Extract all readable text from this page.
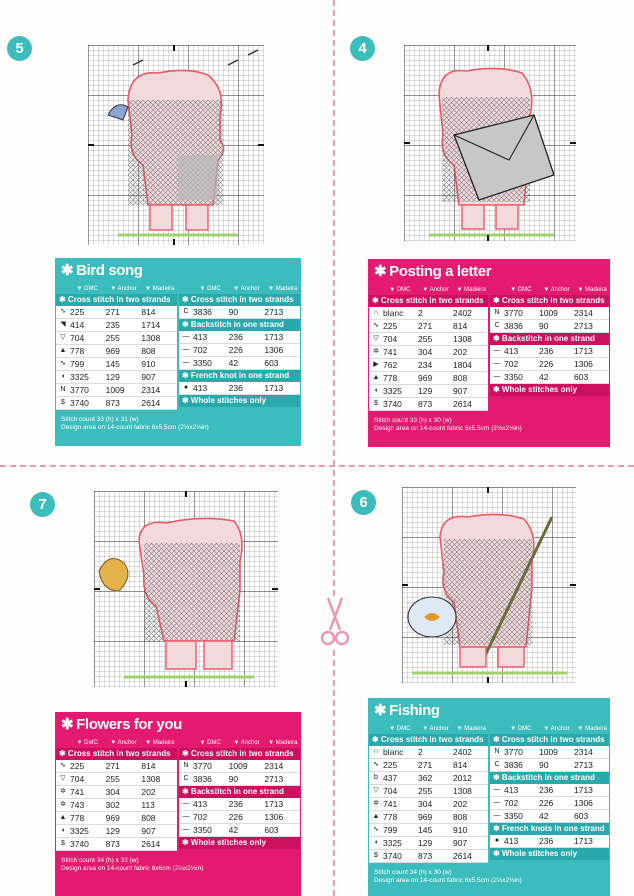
5	4
7	6
✱ Bird song
▼ DMC	▼ Anchor	▼ Madeira
✱ Cross stitch in two strands
∿ 225	271	814
◥ 414	235	1714
▽ 704	255	1308
▲ 778	969	808
∿ 799	145	910
◖ 3325	129	907
N 3770	1009	2314
$ 3740	873	2614
▼ DMC	▼ Anchor	▼ Madeira
✱ Cross stitch in two strands
C 3836	90	2713
✱ Backstitch in one strand
— 413	236	1713
— 702	226	1306
— 3350	42	603
✱ French knot in one strand
● 413	236	1713
✱ Whole stitches only
Stitch count 33 (h) x 31 (w)
Design area on 14-count fabric 6x5.5cm (2⅓x2⅛in)
✱ Posting a letter
▼ DMC	▼ Anchor	▼ Madeira
✱ Cross stitch in two strands
∩ blanc	2	2402
∿ 225	271	814
▽ 704	255	1308
✲ 741	304	202
▶ 762	234	1804
▲ 778	969	808
◖ 3325	129	907
$ 3740	873	2614
▼ DMC	▼ Anchor	▼ Madeira
✱ Cross stitch in two strands
N 3770	1009	2314
C 3836	90	2713
✱ Backstitch in one strand
— 413	236	1713
— 702	226	1306
— 3350	42	603
✱ Whole stitches only
Stitch count 33 (h) x 30 (w)
Design area on 14-count fabric 6x5.5cm (2⅓x2⅛in)
✱ Flowers for you
▼ DMC	▼ Anchor	▼ Madeira
✱ Cross stitch in two strands
∿ 225	271	814
▽ 704	255	1308
✲ 741	304	202
✲ 743	302	113
▲ 778	969	808
◖ 3325	129	907
$ 3740	873	2614
▼ DMC	▼ Anchor	▼ Madeira
✱ Cross stitch in two strands
N 3770	1009	2314
C 3836	90	2713
✱ Backstitch in one strand
— 413	236	1713
— 702	226	1306
— 3350	42	603
✱ Whole stitches only
Stitch count 34 (h) x 32 (w)
Design area on 14-count fabric 6x6cm (2⅓x2⅓in)
✱ Fishing
▼ DMC	▼ Anchor	▼ Madeira
✱ Cross stitch in two strands
∩ blanc	2	2402
∿ 225	271	814
b 437	362	2012
▽ 704	255	1308
✲ 741	304	202
▲ 778	969	808
∿ 799	145	910
◖ 3325	129	907
$ 3740	873	2614
▼ DMC	▼ Anchor	▼ Madeira
✱ Cross stitch in two strands
N 3770	1009	2314
C 3836	90	2713
✱ Backstitch in one strand
— 413	236	1713
— 702	226	1306
— 3350	42	603
✱ French knots in one strand
● 413	236	1713
✱ Whole stitches only
Stitch count 34 (h) x 30 (w)
Design area on 14-count fabric 6x5.5cm (2⅓x2⅛in)
